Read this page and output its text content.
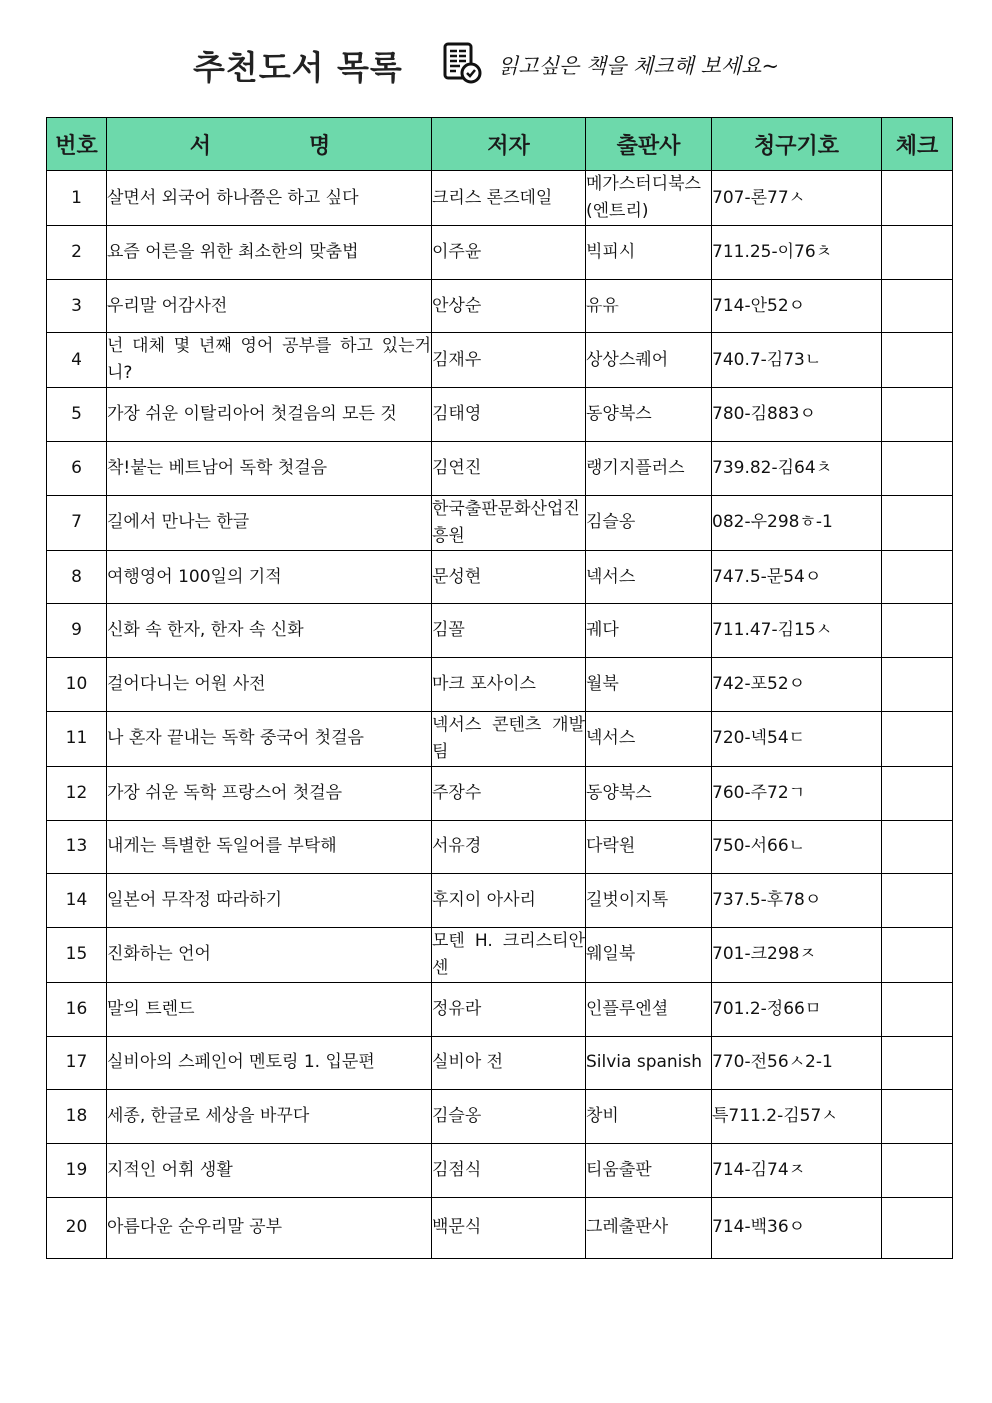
추천도서 목록	읽고싶은 책을 체크해 보세요~
번호	서　　명	저자	출판사	청구기호	체크
1	살면서 외국어 하나쯤은 하고 싶다	크리스 론즈데일	메가스터디북스(엔트리)	707-론77ㅅ	
2	요즘 어른을 위한 최소한의 맞춤법	이주윤	빅피시	711.25-이76ㅊ	
3	우리말 어감사전	안상순	유유	714-안52ㅇ	
4	넌 대체 몇 년째 영어 공부를 하고 있는거니?	김재우	상상스퀘어	740.7-김73ㄴ	
5	가장 쉬운 이탈리아어 첫걸음의 모든 것	김태영	동양북스	780-김883ㅇ	
6	착!붙는 베트남어 독학 첫걸음	김연진	랭기지플러스	739.82-김64ㅊ	
7	길에서 만나는 한글	한국출판문화산업진흥원	김슬옹	082-우298ㅎ-1	
8	여행영어 100일의 기적	문성현	넥서스	747.5-문54ㅇ	
9	신화 속 한자, 한자 속 신화	김꼴	궤다	711.47-김15ㅅ	
10	걸어다니는 어원 사전	마크 포사이스	월북	742-포52ㅇ	
11	나 혼자 끝내는 독학 중국어 첫걸음	넥서스 콘텐츠 개발팀	넥서스	720-넥54ㄷ	
12	가장 쉬운 독학 프랑스어 첫걸음	주장수	동양북스	760-주72ㄱ	
13	내게는 특별한 독일어를 부탁해	서유경	다락원	750-서66ㄴ	
14	일본어 무작정 따라하기	후지이 아사리	길벗이지톡	737.5-후78ㅇ	
15	진화하는 언어	모텐 H. 크리스티안센	웨일북	701-크298ㅈ	
16	말의 트렌드	정유라	인플루엔셜	701.2-정66ㅁ	
17	실비아의 스페인어 멘토링 1. 입문편	실비아 전	Silvia spanish	770-전56ㅅ2-1	
18	세종, 한글로 세상을 바꾸다	김슬옹	창비	특711.2-김57ㅅ	
19	지적인 어휘 생활	김점식	티움출판	714-김74ㅈ	
20	아름다운 순우리말 공부	백문식	그레출판사	714-백36ㅇ	
